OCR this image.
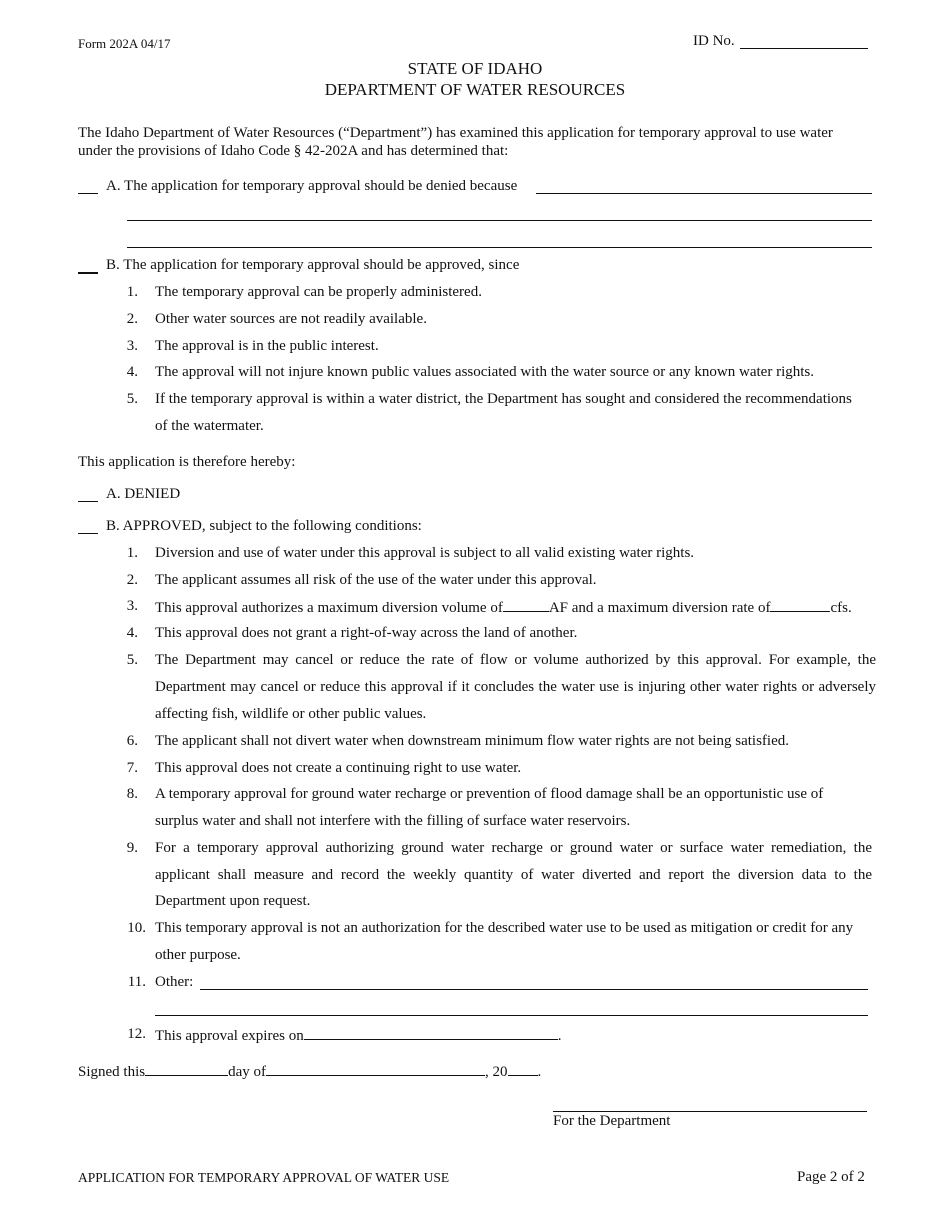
Form 202A 04/17	ID No.
STATE OF IDAHO
DEPARTMENT OF WATER RESOURCES
The Idaho Department of Water Resources (“Department”) has examined this application for temporary approval to use water
under the provisions of Idaho Code § 42-202A and has determined that:
A. The application for temporary approval should be denied because
B. The application for temporary approval should be approved, since
1. The temporary approval can be properly administered.
2. Other water sources are not readily available.
3. The approval is in the public interest.
4. The approval will not injure known public values associated with the water source or any known water rights.
5. If the temporary approval is within a water district, the Department has sought and considered the recommendations
of the watermater.
This application is therefore hereby:
A. DENIED
B. APPROVED, subject to the following conditions:
1. Diversion and use of water under this approval is subject to all valid existing water rights.
2. The applicant assumes all risk of the use of the water under this approval.
3. This approval authorizes a maximum diversion volume of	AF and a maximum diversion rate of	cfs.
4. This approval does not grant a right-of-way across the land of another.
5. The Department may cancel or reduce the rate of flow or volume authorized by this approval. For example, the
Department may cancel or reduce this approval if it concludes the water use is injuring other water rights or adversely
affecting fish, wildlife or other public values.
6. The applicant shall not divert water when downstream minimum flow water rights are not being satisfied.
7. This approval does not create a continuing right to use water.
8. A temporary approval for ground water recharge or prevention of flood damage shall be an opportunistic use of
surplus water and shall not interfere with the filling of surface water reservoirs.
9. For a temporary approval authorizing ground water recharge or ground water or surface water remediation, the
applicant shall measure and record the weekly quantity of water diverted and report the diversion data to the
Department upon request.
10. This temporary approval is not an authorization for the described water use to be used as mitigation or credit for any
other purpose.
11. Other:
12. This approval expires on	.
Signed this	day of	, 20 .
For the Department
APPLICATION FOR TEMPORARY APPROVAL OF WATER USE	Page 2 of 2
